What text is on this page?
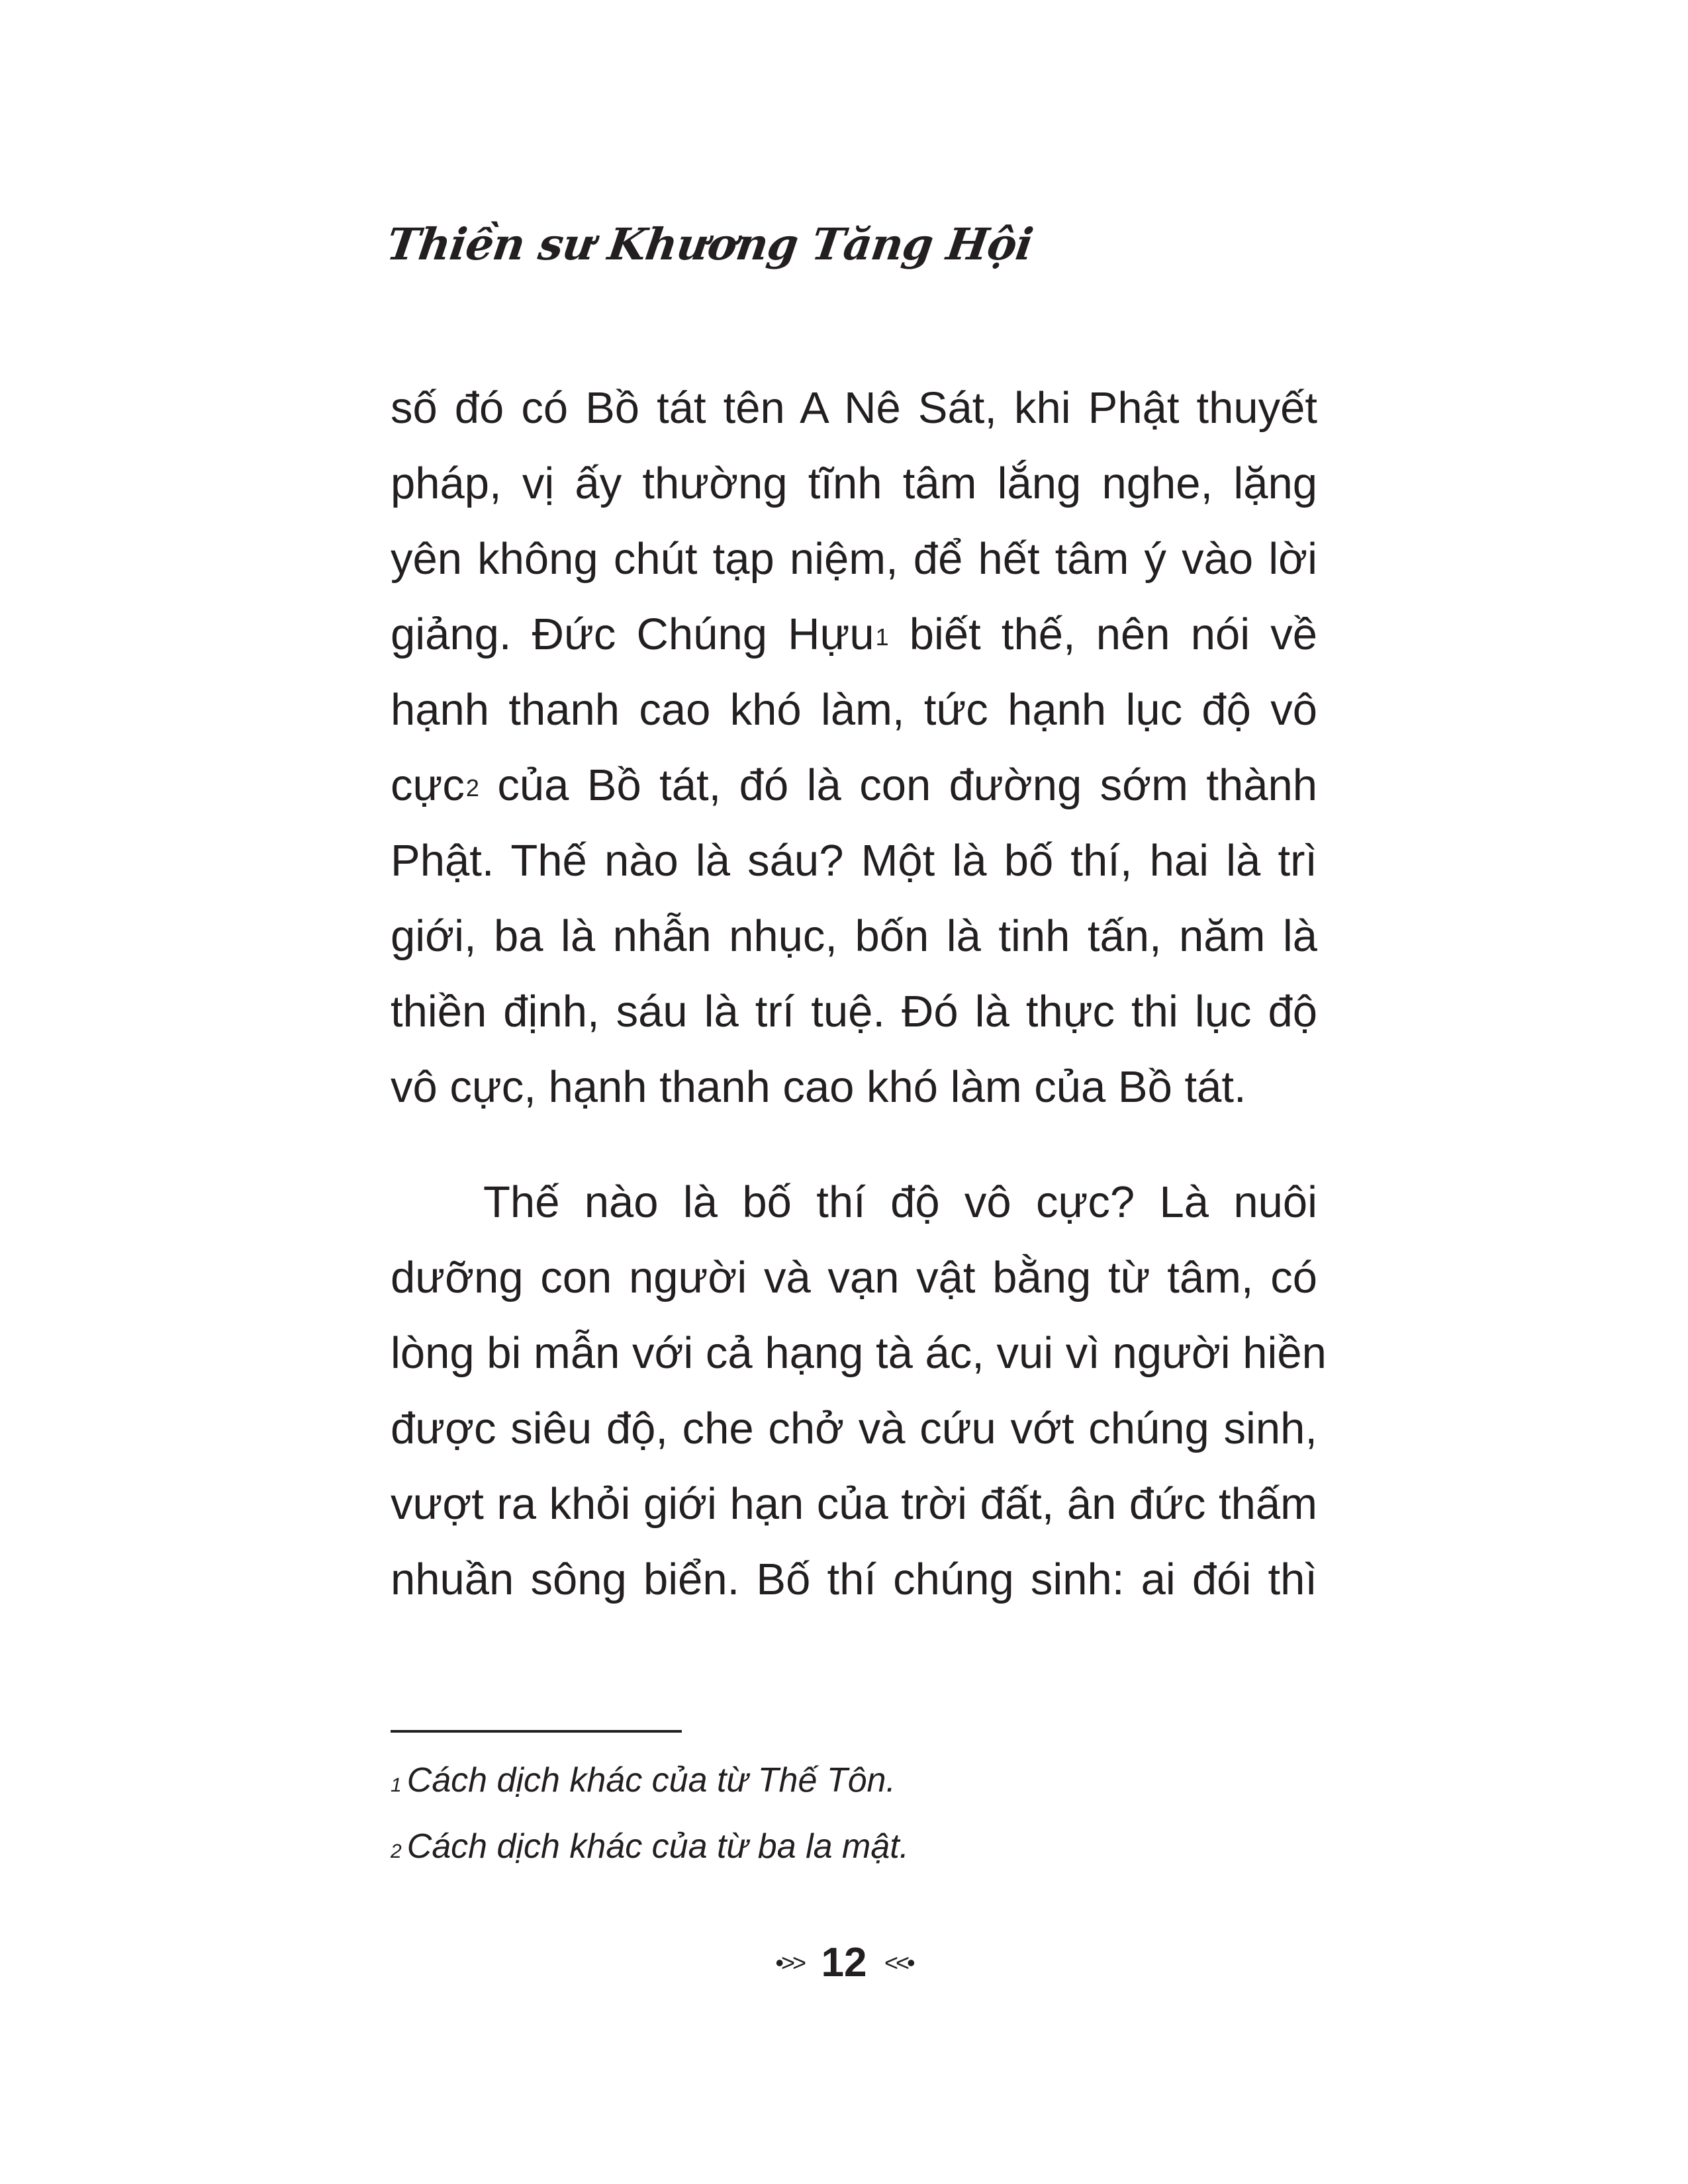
Thiền sư Khương Tăng Hội
số đó có Bồ tát tên A Nê Sát, khi Phật thuyết
pháp, vị ấy thường tĩnh tâm lắng nghe, lặng
yên không chút tạp niệm, để hết tâm ý vào lời
giảng. Đức Chúng Hựu$^1$ biết thế, nên nói về
hạnh thanh cao khó làm, tức hạnh lục độ vô
cực$^2$ của Bồ tát, đó là con đường sớm thành
Phật. Thế nào là sáu? Một là bố thí, hai là trì
giới, ba là nhẫn nhục, bốn là tinh tấn, năm là
thiền định, sáu là trí tuệ. Đó là thực thi lục độ
vô cực, hạnh thanh cao khó làm của Bồ tát.
Thế nào là bố thí độ vô cực? Là nuôi
dưỡng con người và vạn vật bằng từ tâm, có
lòng bi mẫn với cả hạng tà ác, vui vì người hiền
được siêu độ, che chở và cứu vớt chúng sinh,
vượt ra khỏi giới hạn của trời đất, ân đức thấm
nhuần sông biển. Bố thí chúng sinh: ai đói thì
$^1$ Cách dịch khác của từ Thế Tôn.
$^2$ Cách dịch khác của từ ba la mật.
•>> 12 <<•
